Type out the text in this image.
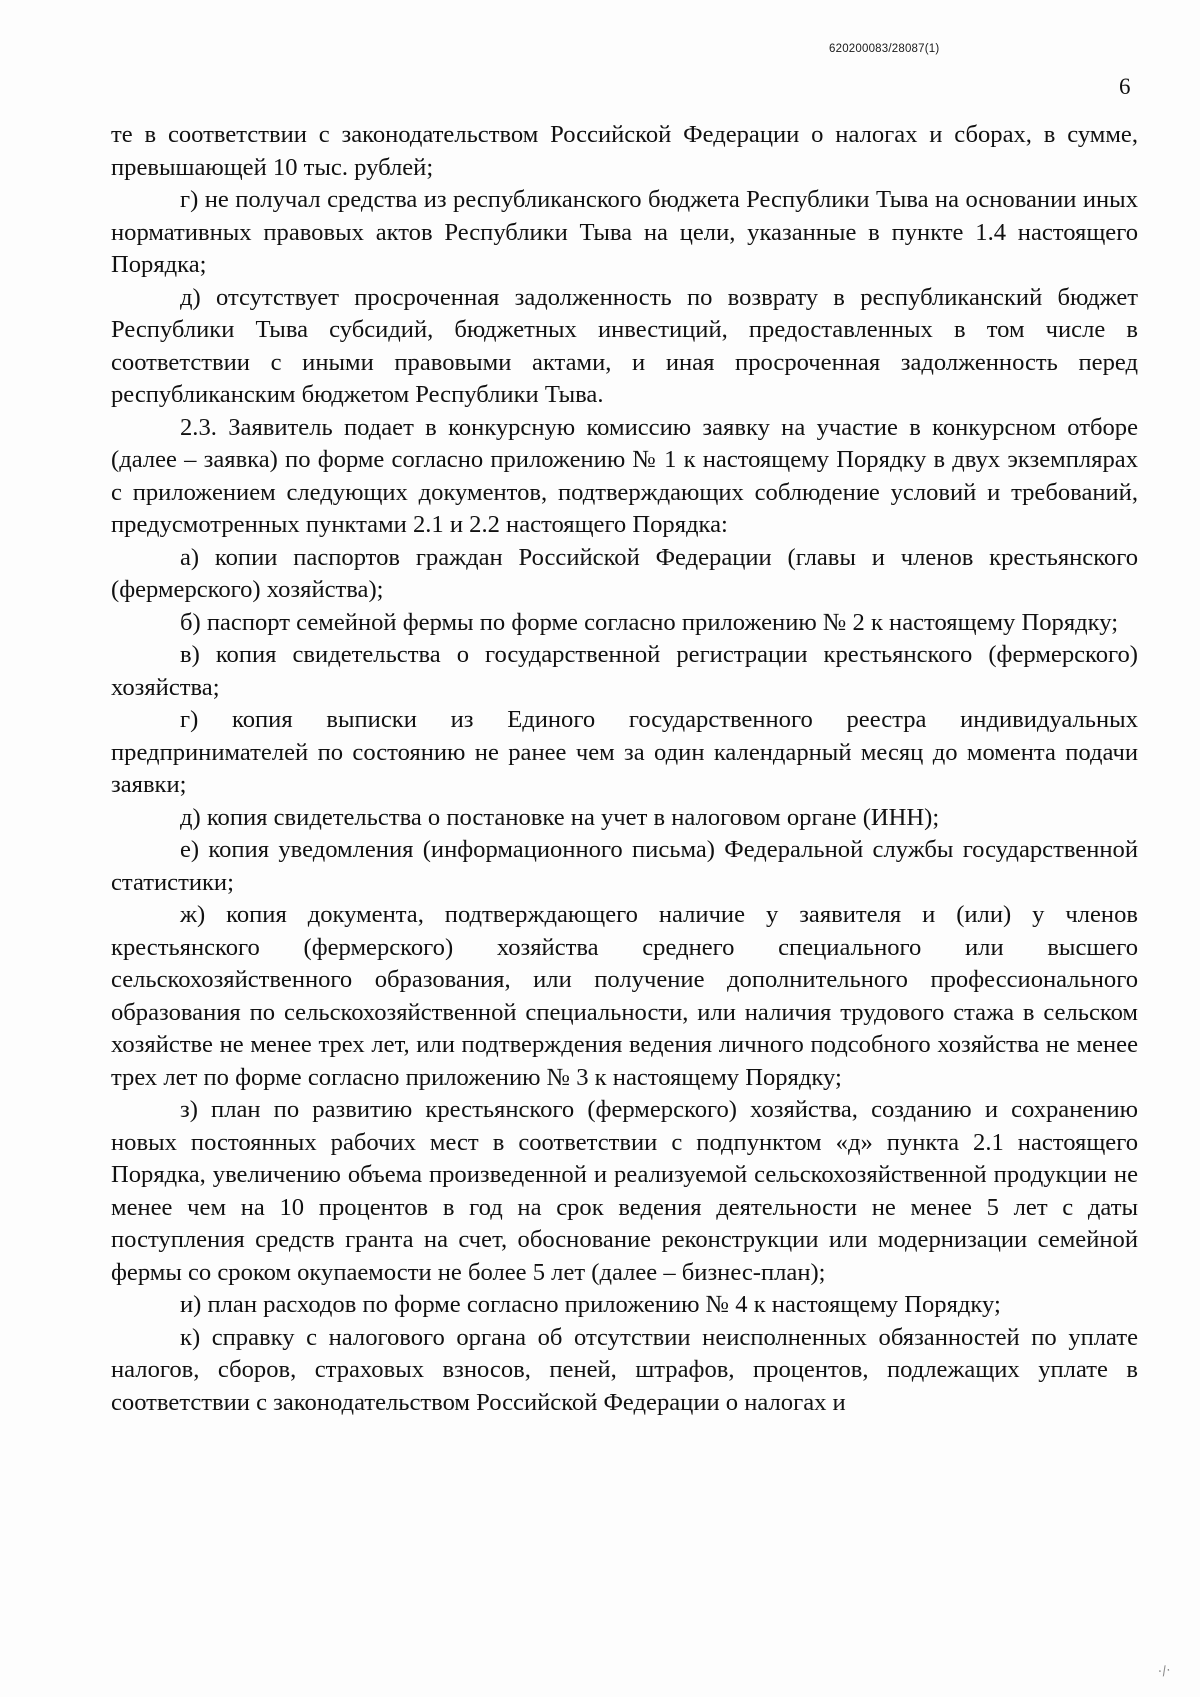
620200083/28087(1)
6

те в соответствии с законодательством Российской Федерации о налогах и сборах, в сумме, превышающей 10 тыс. рублей;

г) не получал средства из республиканского бюджета Республики Тыва на основании иных нормативных правовых актов Республики Тыва на цели, указанные в пункте 1.4 настоящего Порядка;

д) отсутствует просроченная задолженность по возврату в республиканский бюджет Республики Тыва субсидий, бюджетных инвестиций, предоставленных в том числе в соответствии с иными правовыми актами, и иная просроченная задолженность перед республиканским бюджетом Республики Тыва.

2.3. Заявитель подает в конкурсную комиссию заявку на участие в конкурсном отборе (далее – заявка) по форме согласно приложению № 1 к настоящему Порядку в двух экземплярах с приложением следующих документов, подтверждающих соблюдение условий и требований, предусмотренных пунктами 2.1 и 2.2 настоящего Порядка:

а) копии паспортов граждан Российской Федерации (главы и членов крестьянского (фермерского) хозяйства);

б) паспорт семейной фермы по форме согласно приложению № 2 к настоящему Порядку;

в) копия свидетельства о государственной регистрации крестьянского (фермерского) хозяйства;

г) копия выписки из Единого государственного реестра индивидуальных предпринимателей по состоянию не ранее чем за один календарный месяц до момента подачи заявки;

д) копия свидетельства о постановке на учет в налоговом органе (ИНН);

е) копия уведомления (информационного письма) Федеральной службы государственной статистики;

ж) копия документа, подтверждающего наличие у заявителя и (или) у членов крестьянского (фермерского) хозяйства среднего специального или высшего сельскохозяйственного образования, или получение дополнительного профессионального образования по сельскохозяйственной специальности, или наличия трудового стажа в сельском хозяйстве не менее трех лет, или подтверждения ведения личного подсобного хозяйства не менее трех лет по форме согласно приложению № 3 к настоящему Порядку;

з) план по развитию крестьянского (фермерского) хозяйства, созданию и сохранению новых постоянных рабочих мест в соответствии с подпунктом «д» пункта 2.1 настоящего Порядка, увеличению объема произведенной и реализуемой сельскохозяйственной продукции не менее чем на 10 процентов в год на срок ведения деятельности не менее 5 лет с даты поступления средств гранта на счет, обоснование реконструкции или модернизации семейной фермы со сроком окупаемости не более 5 лет (далее – бизнес-план);

и) план расходов по форме согласно приложению № 4 к настоящему Порядку;

к) справку с налогового органа об отсутствии неисполненных обязанностей по уплате налогов, сборов, страховых взносов, пеней, штрафов, процентов, подлежащих уплате в соответствии с законодательством Российской Федерации о налогах и

·/·
